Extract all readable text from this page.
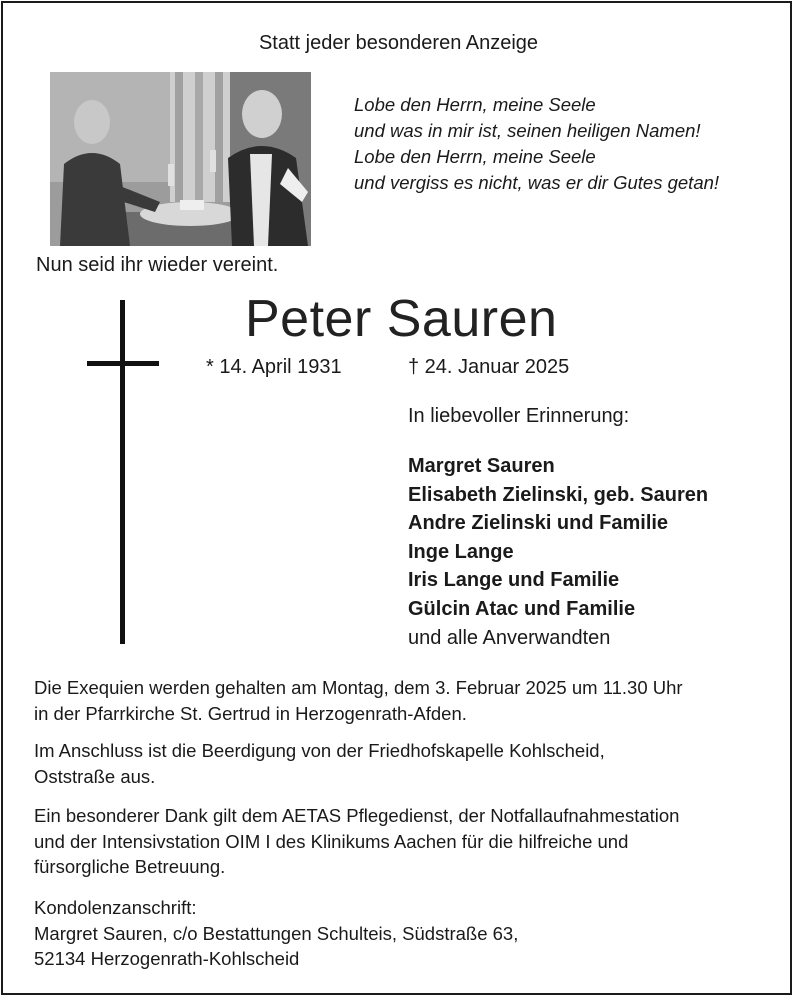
Statt jeder besonderen Anzeige
Lobe den Herrn, meine Seele
und was in mir ist, seinen heiligen Namen!
Lobe den Herrn, meine Seele
und vergiss es nicht, was er dir Gutes getan!
Nun seid ihr wieder vereint.
Peter Sauren
* 14. April 1931	† 24. Januar 2025
In liebevoller Erinnerung:
Margret Sauren
Elisabeth Zielinski, geb. Sauren
Andre Zielinski und Familie
Inge Lange
Iris Lange und Familie
Gülcin Atac und Familie
und alle Anverwandten
Die Exequien werden gehalten am Montag, dem 3. Februar 2025 um 11.30 Uhr
in der Pfarrkirche St. Gertrud in Herzogenrath-Afden.
Im Anschluss ist die Beerdigung von der Friedhofskapelle Kohlscheid,
Oststraße aus.
Ein besonderer Dank gilt dem AETAS Pflegedienst, der Notfallaufnahmestation
und der Intensivstation OIM I des Klinikums Aachen für die hilfreiche und
fürsorgliche Betreuung.
Kondolenzanschrift:
Margret Sauren, c/o Bestattungen Schulteis, Südstraße 63,
52134 Herzogenrath-Kohlscheid
